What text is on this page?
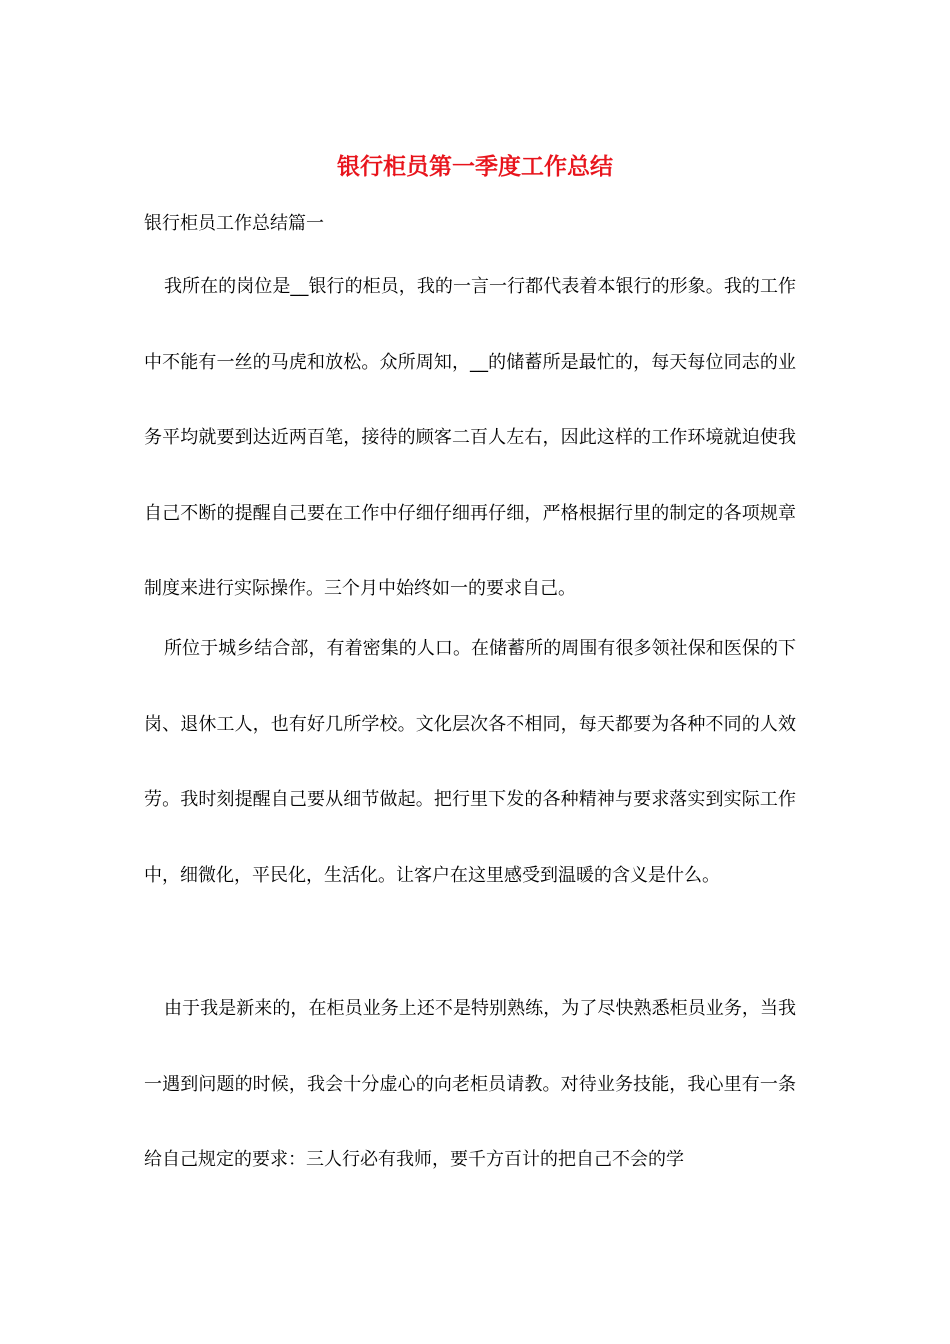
银行柜员第一季度工作总结

银行柜员工作总结篇一

我所在的岗位是__银行的柜员，我的一言一行都代表着本银行的形象。我的工作中不能有一丝的马虎和放松。众所周知，__的储蓄所是最忙的，每天每位同志的业务平均就要到达近两百笔，接待的顾客二百人左右，因此这样的工作环境就迫使我自己不断的提醒自己要在工作中仔细仔细再仔细，严格根据行里的制定的各项规章制度来进行实际操作。三个月中始终如一的要求自己。

所位于城乡结合部，有着密集的人口。在储蓄所的周围有很多领社保和医保的下岗、退休工人，也有好几所学校。文化层次各不相同，每天都要为各种不同的人效劳。我时刻提醒自己要从细节做起。把行里下发的各种精神与要求落实到实际工作中，细微化，平民化，生活化。让客户在这里感受到温暖的含义是什么。

由于我是新来的，在柜员业务上还不是特别熟练，为了尽快熟悉柜员业务，当我一遇到问题的时候，我会十分虚心的向老柜员请教。对待业务技能，我心里有一条给自己规定的要求：三人行必有我师，要千方百计的把自己不会的学
